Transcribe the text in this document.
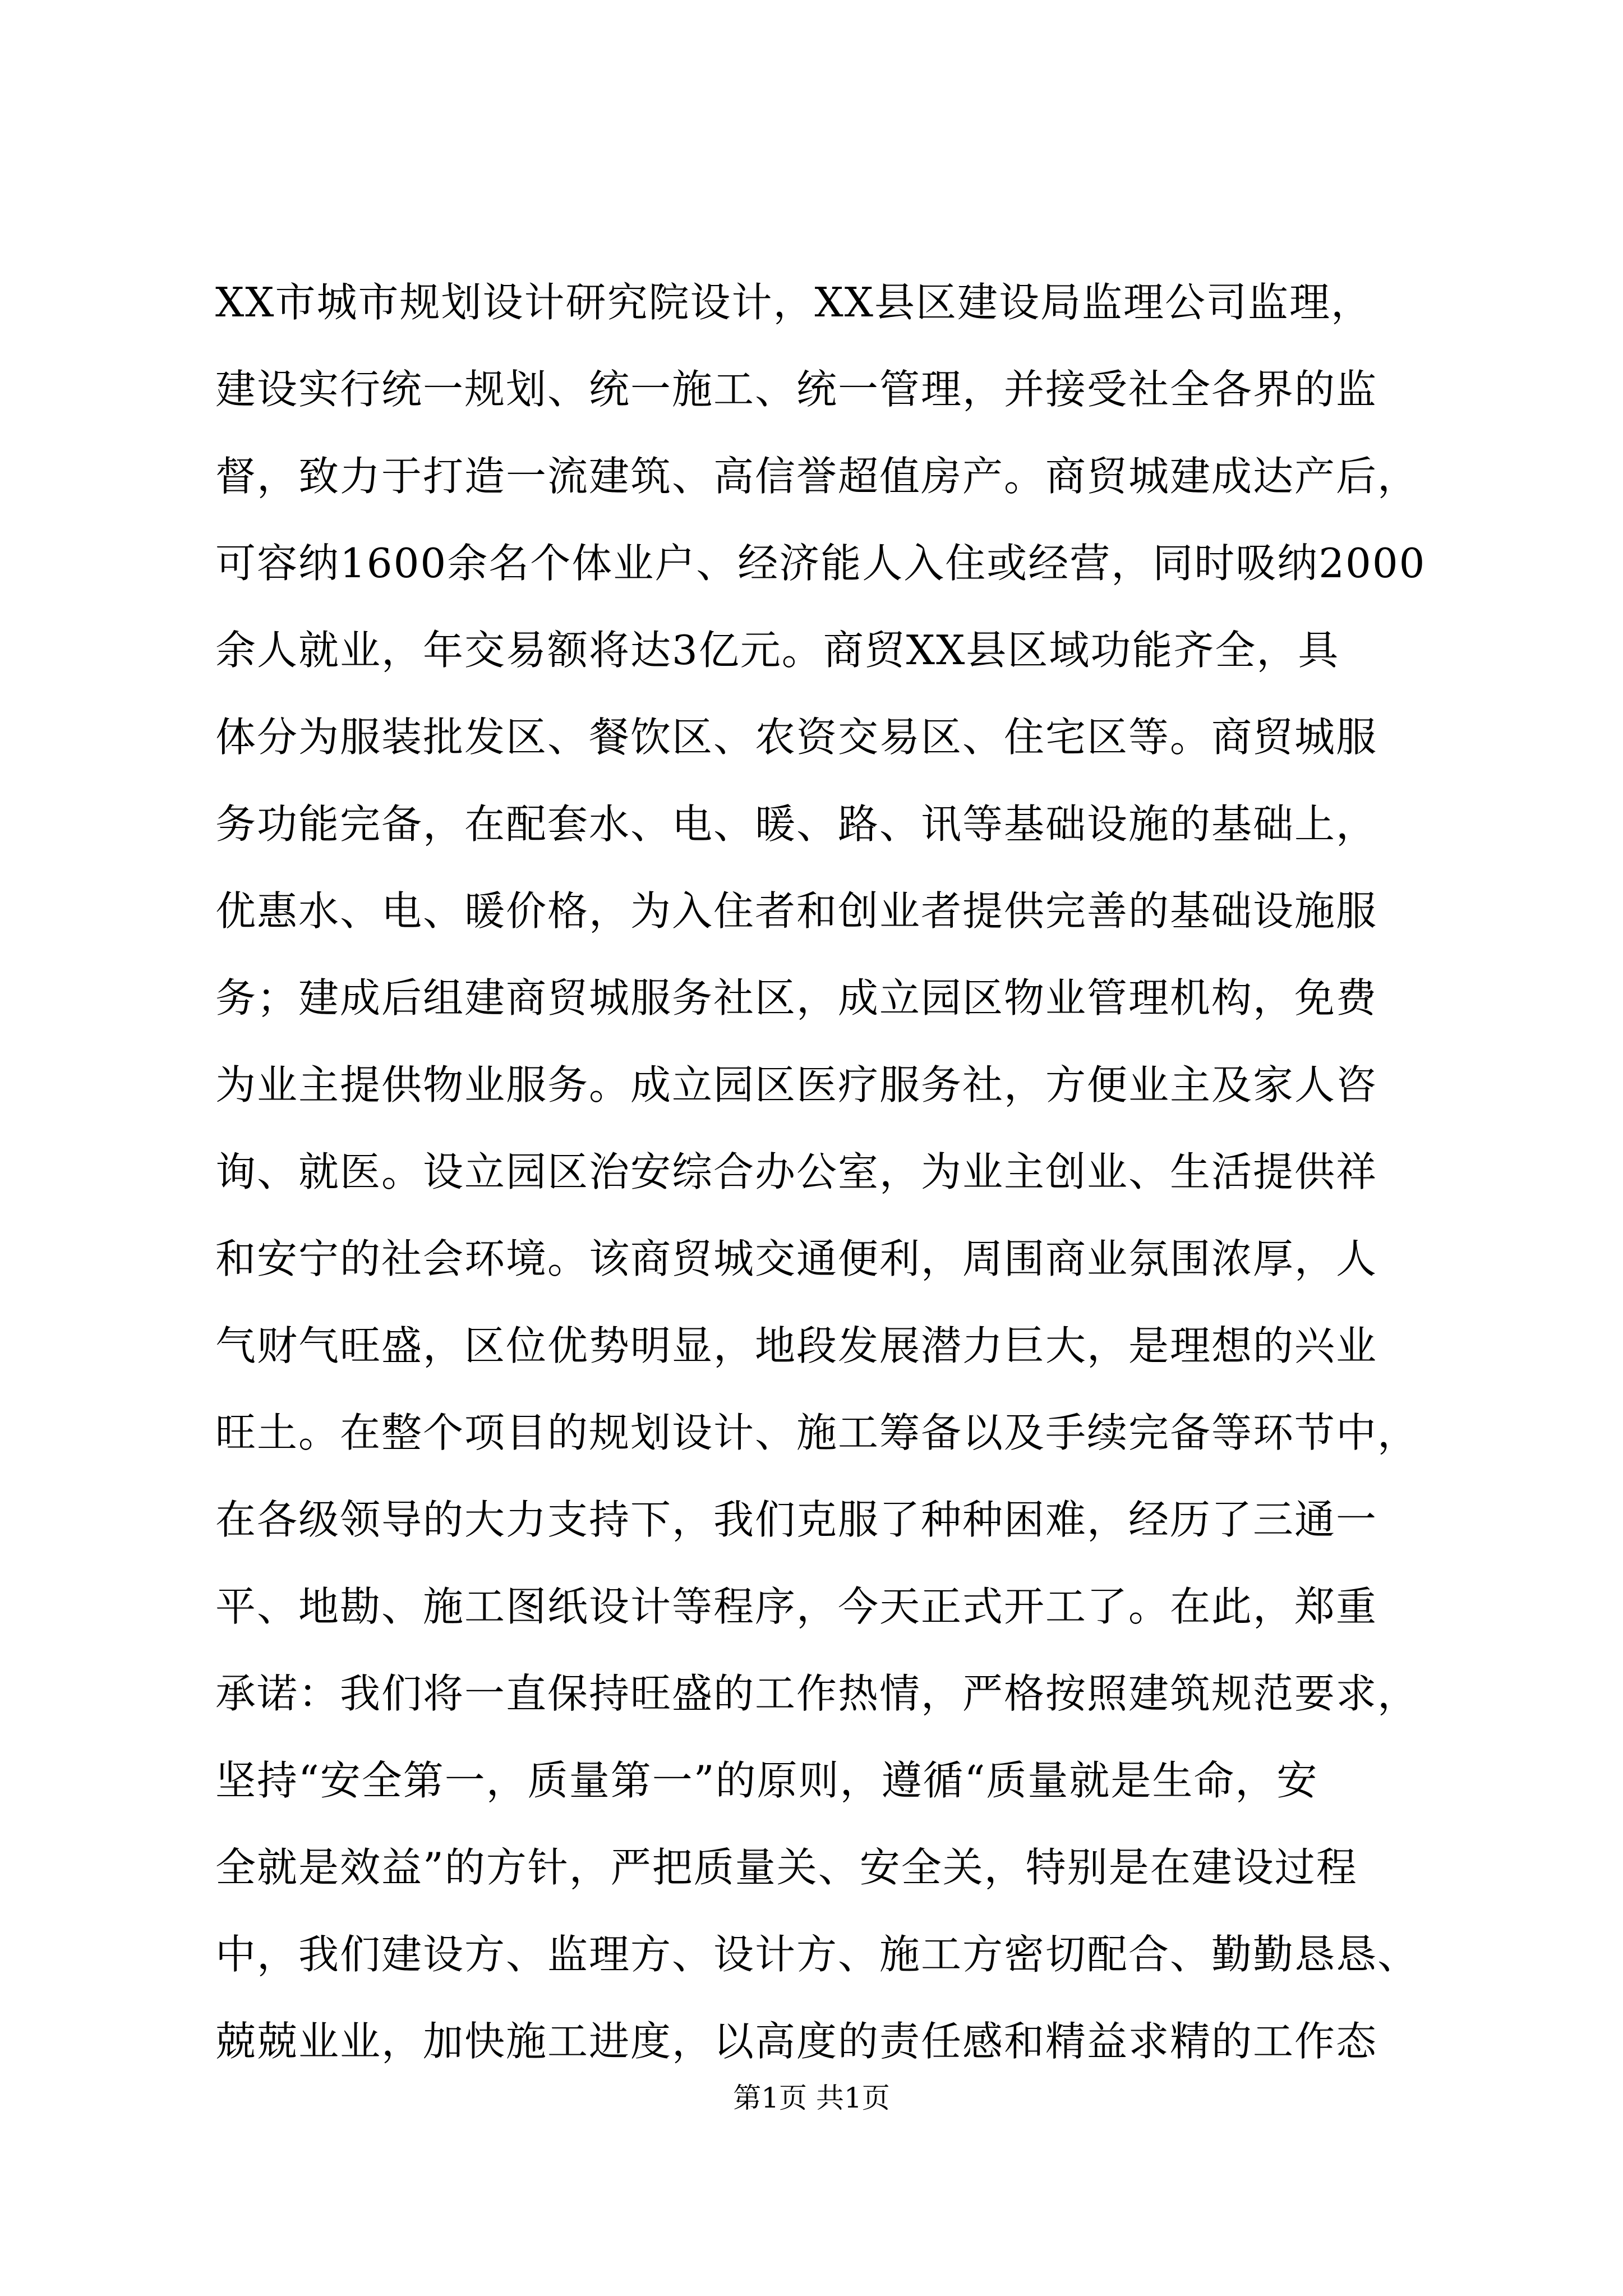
XX市城市规划设计研究院设计，XX县区建设局监理公司监理，
建设实行统一规划、统一施工、统一管理，并接受社全各界的监
督，致力于打造一流建筑、高信誉超值房产。商贸城建成达产后，
可容纳1600余名个体业户、经济能人入住或经营，同时吸纳2000
余人就业，年交易额将达3亿元。商贸XX县区域功能齐全，具
体分为服装批发区、餐饮区、农资交易区、住宅区等。商贸城服
务功能完备，在配套水、电、暖、路、讯等基础设施的基础上，
优惠水、电、暖价格，为入住者和创业者提供完善的基础设施服
务；建成后组建商贸城服务社区，成立园区物业管理机构，免费
为业主提供物业服务。成立园区医疗服务社，方便业主及家人咨
询、就医。设立园区治安综合办公室，为业主创业、生活提供祥
和安宁的社会环境。该商贸城交通便利，周围商业氛围浓厚，人
气财气旺盛，区位优势明显，地段发展潜力巨大，是理想的兴业
旺土。在整个项目的规划设计、施工筹备以及手续完备等环节中，
在各级领导的大力支持下，我们克服了种种困难，经历了三通一
平、地勘、施工图纸设计等程序，今天正式开工了。在此，郑重
承诺：我们将一直保持旺盛的工作热情，严格按照建筑规范要求，
坚持“安全第一，质量第一”的原则，遵循“质量就是生命，安
全就是效益”的方针，严把质量关、安全关，特别是在建设过程
中，我们建设方、监理方、设计方、施工方密切配合、勤勤恳恳、
兢兢业业，加快施工进度，以高度的责任感和精益求精的工作态
第1页 共1页
